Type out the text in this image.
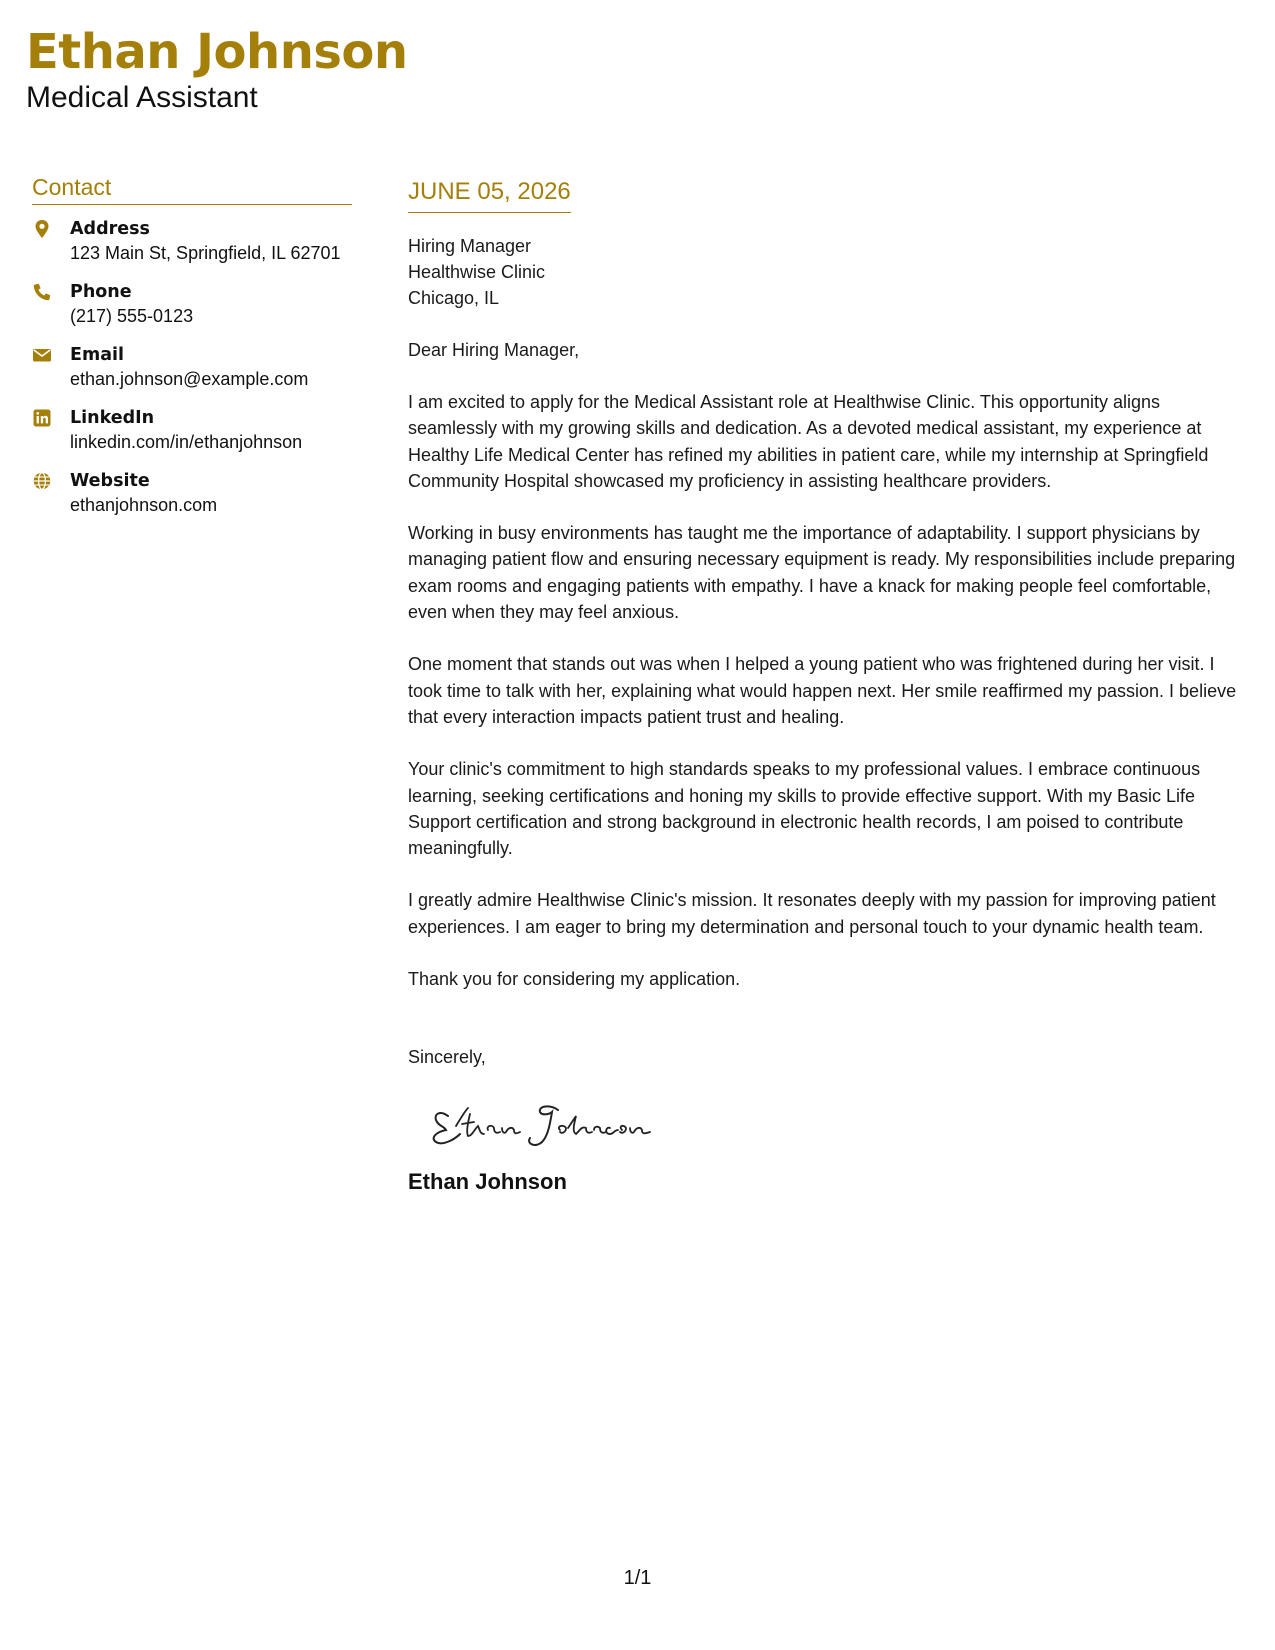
Ethan Johnson
Medical Assistant
Contact
Address
123 Main St, Springfield, IL 62701
Phone
(217) 555-0123
Email
ethan.johnson@example.com
LinkedIn
linkedin.com/in/ethanjohnson
Website
ethanjohnson.com
JUNE 05, 2026
Hiring Manager
Healthwise Clinic
Chicago, IL
Dear Hiring Manager,
I am excited to apply for the Medical Assistant role at Healthwise Clinic. This opportunity aligns seamlessly with my growing skills and dedication. As a devoted medical assistant, my experience at Healthy Life Medical Center has refined my abilities in patient care, while my internship at Springfield Community Hospital showcased my proficiency in assisting healthcare providers.
Working in busy environments has taught me the importance of adaptability. I support physicians by managing patient flow and ensuring necessary equipment is ready. My responsibilities include preparing exam rooms and engaging patients with empathy. I have a knack for making people feel comfortable, even when they may feel anxious.
One moment that stands out was when I helped a young patient who was frightened during her visit. I took time to talk with her, explaining what would happen next. Her smile reaffirmed my passion. I believe that every interaction impacts patient trust and healing.
Your clinic's commitment to high standards speaks to my professional values. I embrace continuous learning, seeking certifications and honing my skills to provide effective support. With my Basic Life Support certification and strong background in electronic health records, I am poised to contribute meaningfully.
I greatly admire Healthwise Clinic's mission. It resonates deeply with my passion for improving patient experiences. I am eager to bring my determination and personal touch to your dynamic health team.
Thank you for considering my application.
Sincerely,
Ethan Johnson
1/1
